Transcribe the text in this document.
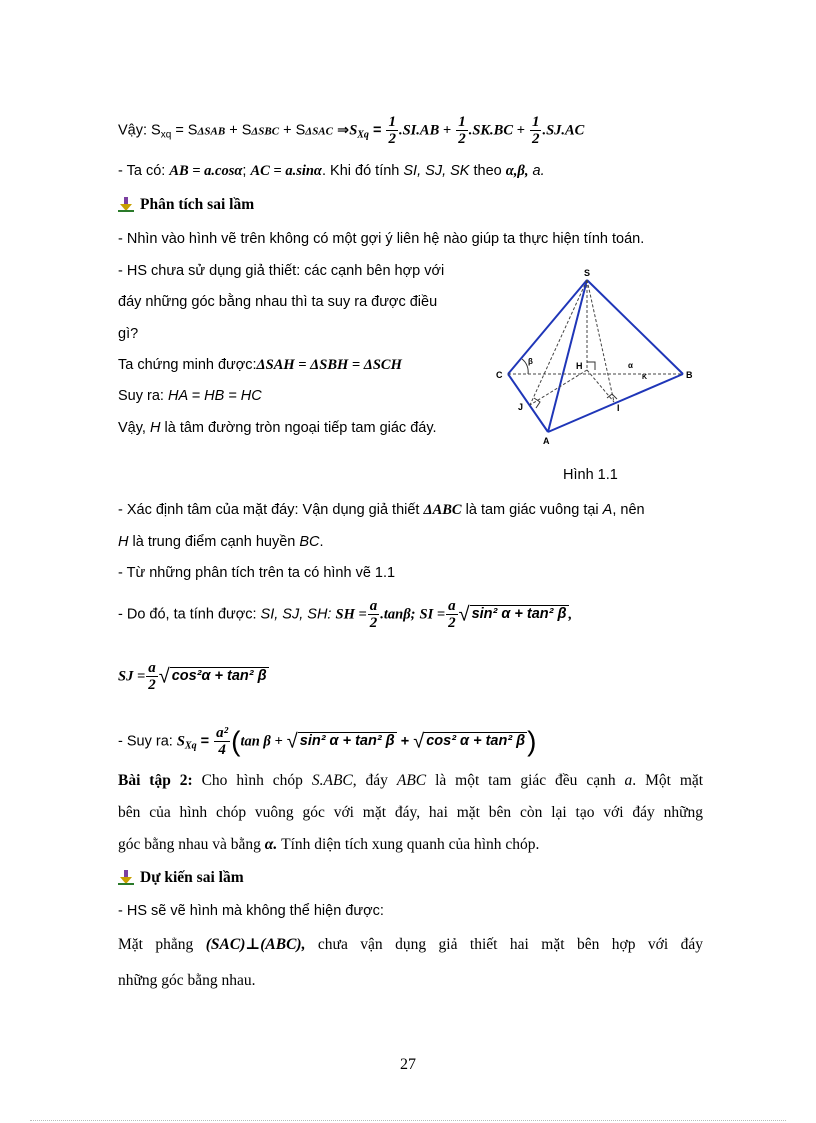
Vậy: $S_{xq} = S\Delta SAB + S\Delta SBC + S\Delta SAC$ $\Rightarrow S_{Xq} = \frac{1}{2} .SI.AB + \frac{1}{2} .SK.BC + \frac{1}{2} .SJ.AC$
- Ta có: AB = a.cosα; AC = a.sinα. Khi đó tính SI, SJ, SK theo α,β, a.
Phân tích sai lầm
- Nhìn vào hình vẽ trên không có một gợi ý liên hệ nào giúp ta thực hiện tính toán.
- HS chưa sử dụng giả thiết: các cạnh bên hợp với
đáy những góc bằng nhau thì ta suy ra được điều
gì?
Ta chứng minh được:ΔSAH = ΔSBH = ΔSCH
Suy ra: HA = HB = HC
Vậy, H là tâm đường tròn ngoại tiếp tam giác đáy.
S
H
C	B
A
J	I
β	α
K
Hình 1.1
- Xác định tâm của mặt đáy: Vận dụng giả thiết ΔABC là tam giác vuông tại A, nên
H là trung điểm cạnh huyền BC.
- Từ những phân tích trên ta có hình vẽ 1.1
- Do đó, ta tính được: SI, SJ, SH: SH = $\frac{a}{2} .\tan\beta$; SI = $\frac{a}{2}$ √ sin² α + tan² β ,
SJ = $\frac{a}{2}$ √ cos²α + tan² β
- Suy ra: $S_{Xq} = \frac{\text{a²}}{4} (\tan$ β + √ sin² α + tan² β + √ cos² α + tan² β)
Bài tập 2: Cho hình chóp S.ABC, đáy ABC là một tam giác đều cạnh a. Một mặt
bên của hình chóp vuông góc với mặt đáy, hai mặt bên còn lại tạo với đáy những
góc bằng nhau và bằng α. Tính diện tích xung quanh của hình chóp.
Dự kiến sai lầm
- HS sẽ vẽ hình mà không thể hiện được:
Mặt phẳng (SAC)⊥(ABC), chưa vận dụng giả thiết hai mặt bên hợp với đáy
những góc bằng nhau.
27
